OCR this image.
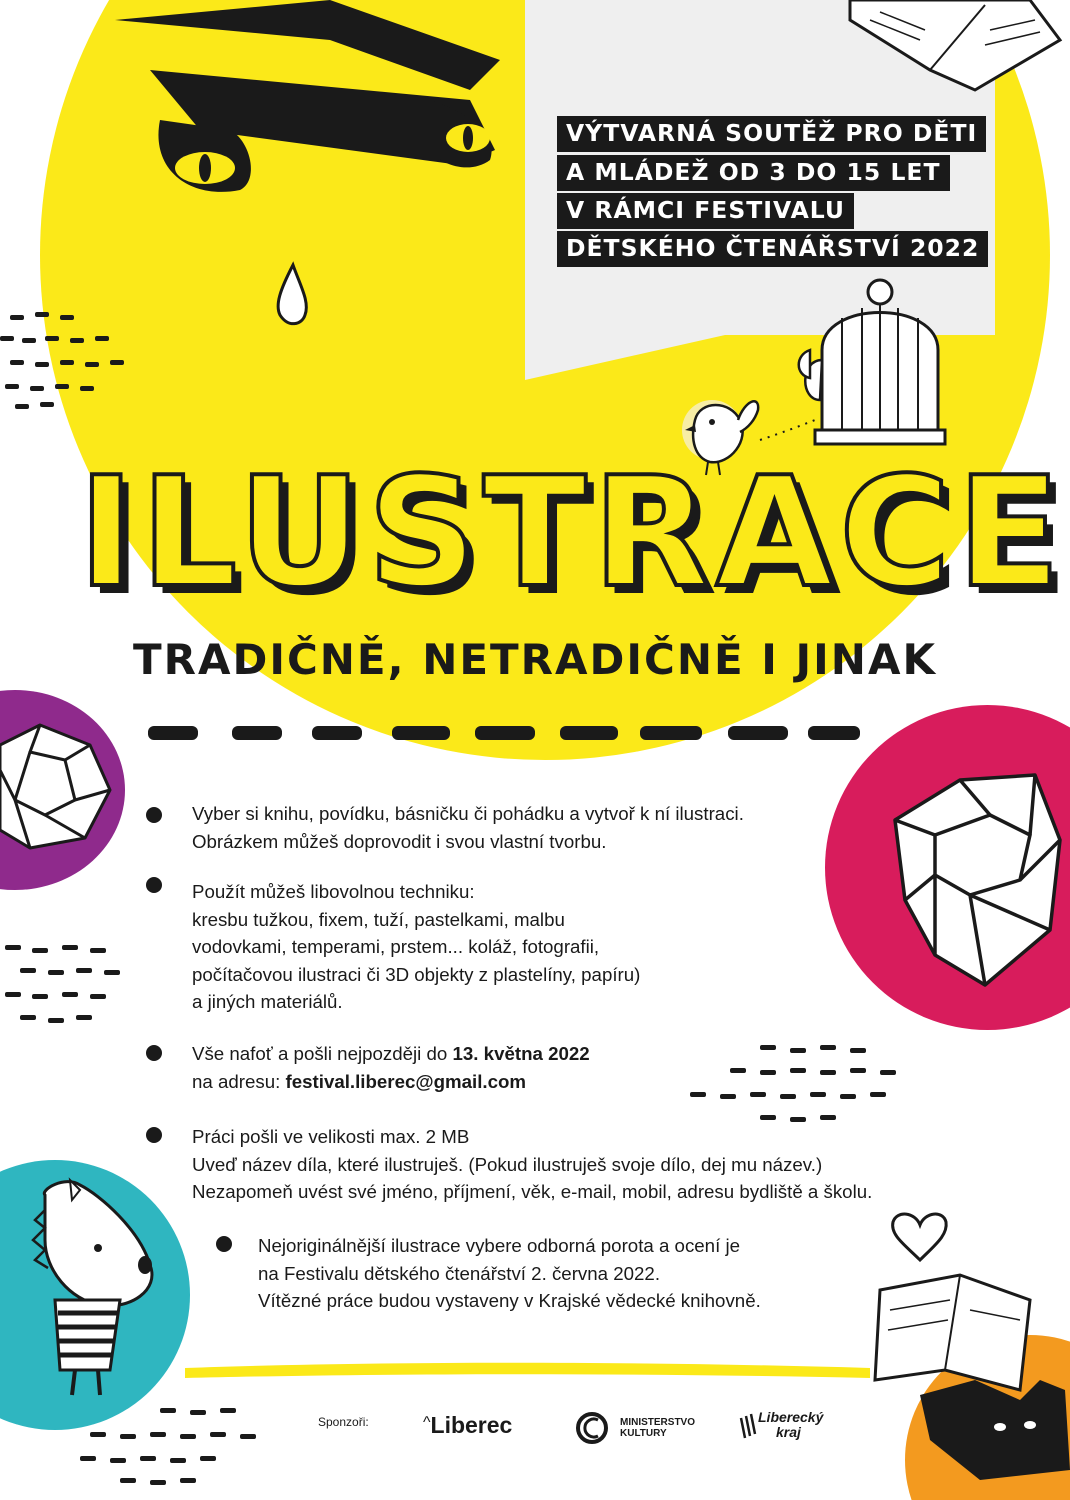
VÝTVARNÁ SOUTĚŽ PRO DĚTI
A MLÁDEŽ OD 3 DO 15 LET
V RÁMCI FESTIVALU
DĚTSKÉHO ČTENÁŘSTVÍ 2022
ILUSTRACE
TRADIČNĚ, NETRADIČNĚ I JINAK
Vyber si knihu, povídku, básničku či pohádku a vytvoř k ní ilustraci.
Obrázkem můžeš doprovodit i svou vlastní tvorbu.
Použít můžeš libovolnou techniku:
kresbu tužkou, fixem, tuží, pastelkami, malbu
vodovkami, temperami, prstem... koláž, fotografii,
počítačovou ilustraci či 3D objekty z plastelíny, papíru)
a jiných materiálů.
Vše nafoť a pošli nejpozději do 13. května 2022
na adresu: festival.liberec@gmail.com
Práci pošli ve velikosti max. 2 MB
Uveď název díla, které ilustruješ. (Pokud ilustruješ svoje dílo, dej mu název.)
Nezapomeň uvést své jméno, příjmení, věk, e-mail, mobil, adresu bydliště a školu.
Nejoriginálnější ilustrace vybere odborná porota a ocení je
na Festivalu dětského čtenářství 2. června 2022.
Vítězné práce budou vystaveny v Krajské vědecké knihovně.
Sponzoři:	^Liberec	MINISTERSTVO
KULTURY
Liberecký
kraj
